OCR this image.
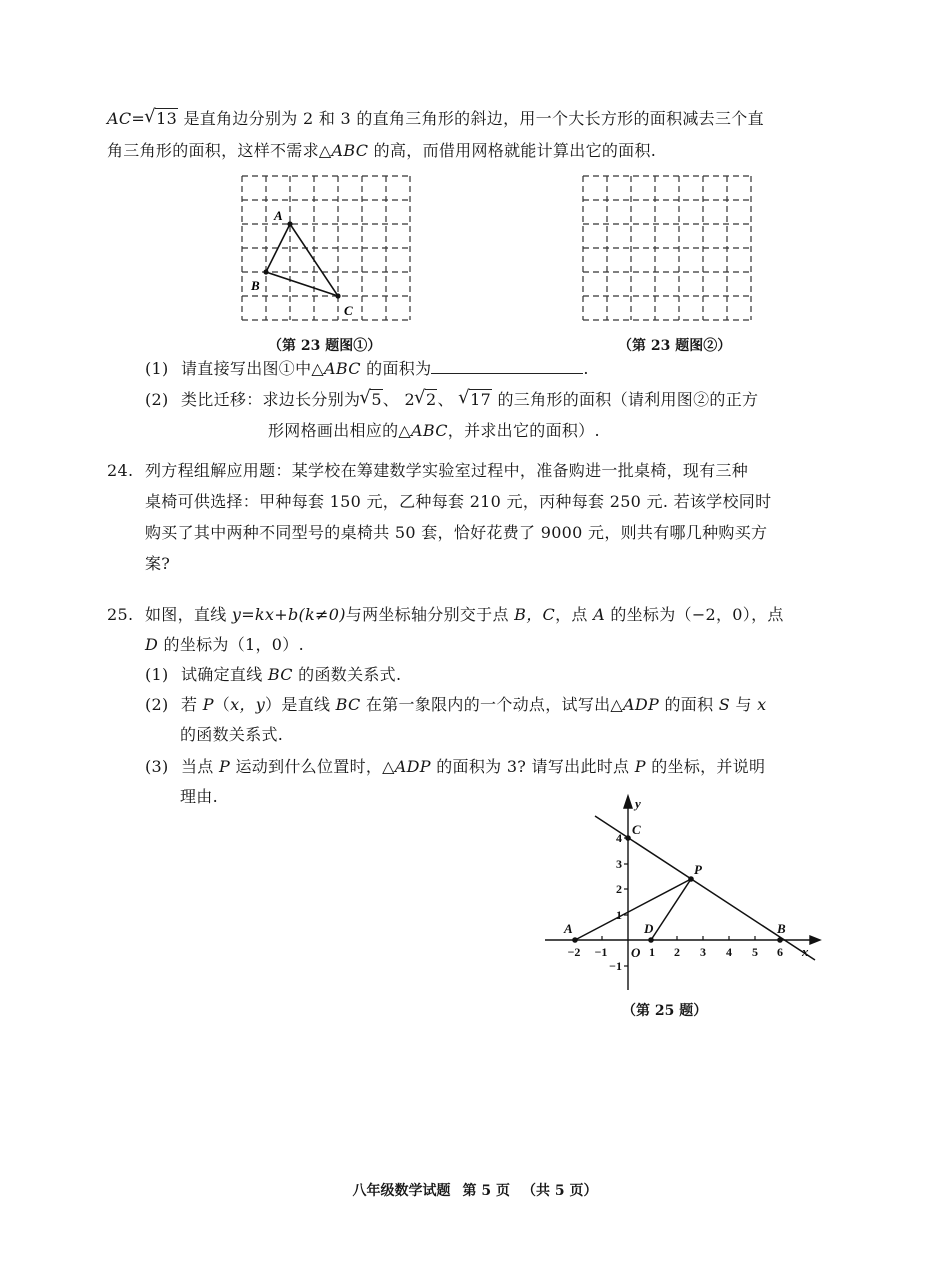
AC= √ 13 是直角边分别为 2 和 3 的直角三角形的斜边，用一个大长方形的面积减去三个直
角三角形的面积，这样不需求△ABC 的高，而借用网格就能计算出它的面积.
A
B
C
（第 23 题图①）	（第 23 题图②）
(1) 请直接写出图①中△ABC 的面积为	.
(2) 类比迁移：求边长分别为 √ 5、 2 √ 2、 √ 17 的三角形的面积（请利用图②的正方
形网格画出相应的△ABC，并求出它的面积）.
24. 列方程组解应用题：某学校在筹建数学实验室过程中，准备购进一批桌椅，现有三种
桌椅可供选择：甲种每套 150 元，乙种每套 210 元，丙种每套 250 元. 若该学校同时
购买了其中两种不同型号的桌椅共 50 套，恰好花费了 9000 元，则共有哪几种购买方
案?
25. 如图，直线 y=kx+b(k≠0)与两坐标轴分别交于点 B，C，点 A 的坐标为（−2，0），点
D 的坐标为（1，0）.
(1) 试确定直线 BC 的函数关系式.
(2) 若 P（x，y）是直线 BC 在第一象限内的一个动点，试写出△ADP 的面积 S 与 x
的函数关系式.
(3) 当点 P 运动到什么位置时，△ADP 的面积为 3? 请写出此时点 P 的坐标，并说明
理由.	y
x
C
P
A	D	B
O
−2 −1	1 2 3 4 5 6
4
3
2
1
−1
（第 25 题）
八年级数学试题 第 5 页 （共 5 页）
